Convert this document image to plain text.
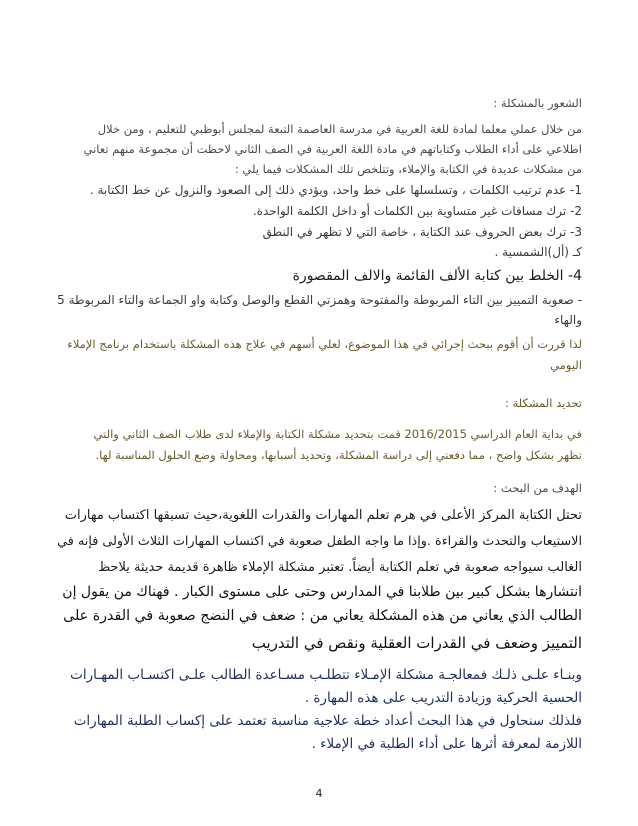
الشعور بالمشكلة :
من خلال عملي معلما لمادة للغة العربية في مدرسة العاصمة التبعة لمجلس أبوظبي للتعليم ، ومن خلال
اطلاعي على أداء الطلاب وكتاباتهم في مادة اللغة العربية في الصف الثاني لاحظت أن مجموعة منهم تعاني
من مشكلات عديدة في الكتابة والإملاء، وتتلخص تلك المشكلات فيما يلي :
1- عدم ترتيب الكلمات ، وتسلسلها على خط واحد، ويؤدي ذلك إلى الصعود والنزول عن خط الكتابة .
2- ترك مسافات غير متساوية بين الكلمات أو داخل الكلمة الواحدة.
3- ترك بعض الحروف عند الكتابة ، خاصة التي لا تظهر في النطق
كـ (أل)الشمسية .
4- الخلط بين كتابة الألف القائمة والالف المقصورة
- صعوبة التمييز بين التاء المربوطة والمفتوحة وهمزتي القطع والوصل وكتابة واو الجماعة والتاء المربوطة 5
والهاء
لذا قررت أن أقوم ببحث إجرائي في هذا الموضوع، لعلي أسهم في علاج هذه المشكلة باستخدام برنامج الإملاء
اليومي
تحديد المشكلة :
في بداية العام الدراسي 2016/2015 قمت بتحديد مشكلة الكتابة والإملاء لدى طلاب الصف الثاني والتي
تظهر بشكل واضح ، مما دفعني إلى دراسة المشكلة، وتحديد أسبابها، ومحاولة وضع الحلول المناسبة لها.
الهدف من البحث :
تحتل الكتابة المركز الأعلى في هرم تعلم المهارات والقدرات اللغوية،حيث تسبقها اكتساب مهارات
الاستيعاب والتحدث والقراءة .وإذا ما واجه الطفل صعوبة في اكتساب المهارات الثلاث الأولى فإنه في
الغالب سيواجه صعوبة في تعلم الكتابة أيضاً. تعتبر مشكلة الإملاء ظاهرة قديمة حديثة يلاحظ
انتشارها بشكل كبير بين طلابنا في المدارس وحتى على مستوى الكبار . فهناك من يقول إن
الطالب الذي يعاني من هذه المشكلة يعاني من : ضعف في النضج صعوبة في القدرة على
التمييز وضعف في القدرات العقلية ونقص في التدريب
وبنـاء علـى ذلـك فمعالجـة مشكلة الإمـلاء تتطلـب مسـاعدة الطالب علـى اكتسـاب المهـارات
الحسية الحركية وزيادة التدريب على هذه المهارة .
فلذلك سنحاول في هذا البحث أعداد خطة علاجية مناسبة تعتمد على إكساب الطلبة المهارات
اللازمة لمعرفة أثرها على أداء الطلبة في الإملاء .
4
